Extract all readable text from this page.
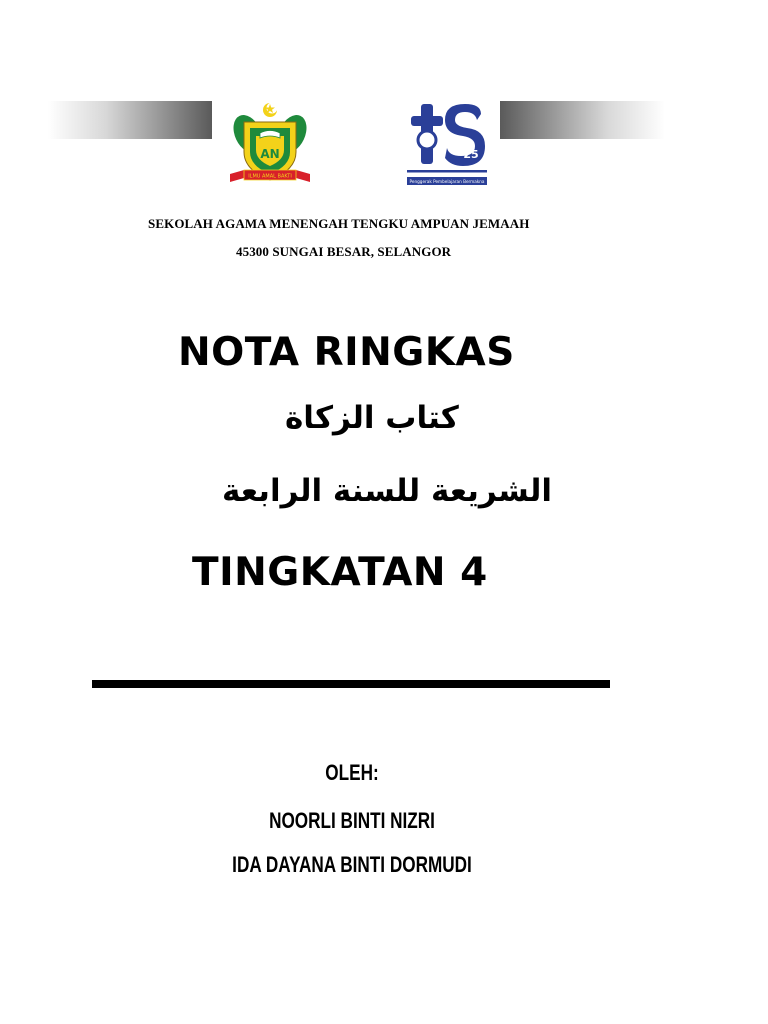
AN
ILMU AMAL BAKTI
25
Penggerak Pembelajaran Bermakna
SEKOLAH AGAMA MENENGAH TENGKU AMPUAN JEMAAH
45300 SUNGAI BESAR, SELANGOR
NOTA RINGKAS
كتاب الزكاة
الشريعة للسنة الرابعة
TINGKATAN 4
OLEH:
NOORLI BINTI NIZRI
IDA DAYANA BINTI DORMUDI
